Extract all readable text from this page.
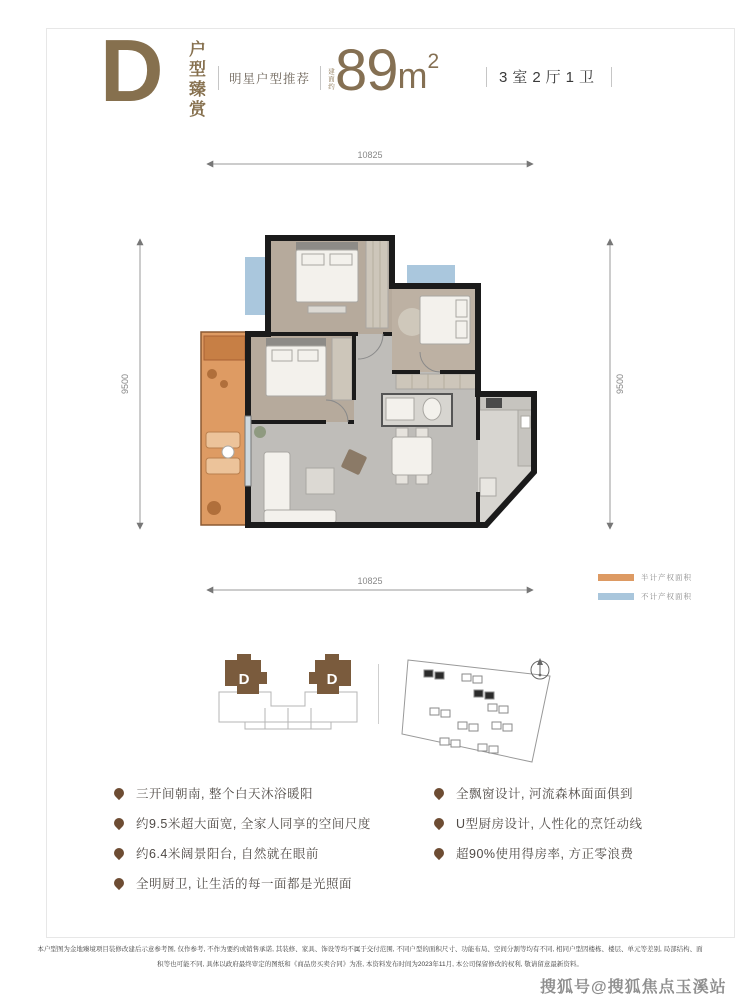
D 户型臻赏 明星户型推荐	建面约 89 m 2
3室2厅1卫
10825
10825
9500	9500
半计产权面积
不计产权面积
D	D
三开间朝南, 整个白天沐浴暖阳
约9.5米超大面宽, 全家人同享的空间尺度
约6.4米阔景阳台, 自然就在眼前
全明厨卫, 让生活的每一面都是光照面
全飘窗设计, 河流森林面面俱到
U型厨房设计, 人性化的烹饪动线
超90%使用得房率, 方正零浪费
本户型图为金地臻境项目装修改建后示意参考图, 仅作参考, 不作为要约或销售承诺, 其装修、家具、饰设等均不属于交付范围, 不同户型的面积尺寸、功能布局、空间分割等均有不同, 相同户型因楼栋、楼层、单元等差别, 局部结构、面
积等也可能不同, 具体以政府最终审定的图纸和《商品房买卖合同》为准, 本资料发布时间为2023年11月, 本公司保留修改的权利, 敬请留意最新资料。
搜狐号@搜狐焦点玉溪站
